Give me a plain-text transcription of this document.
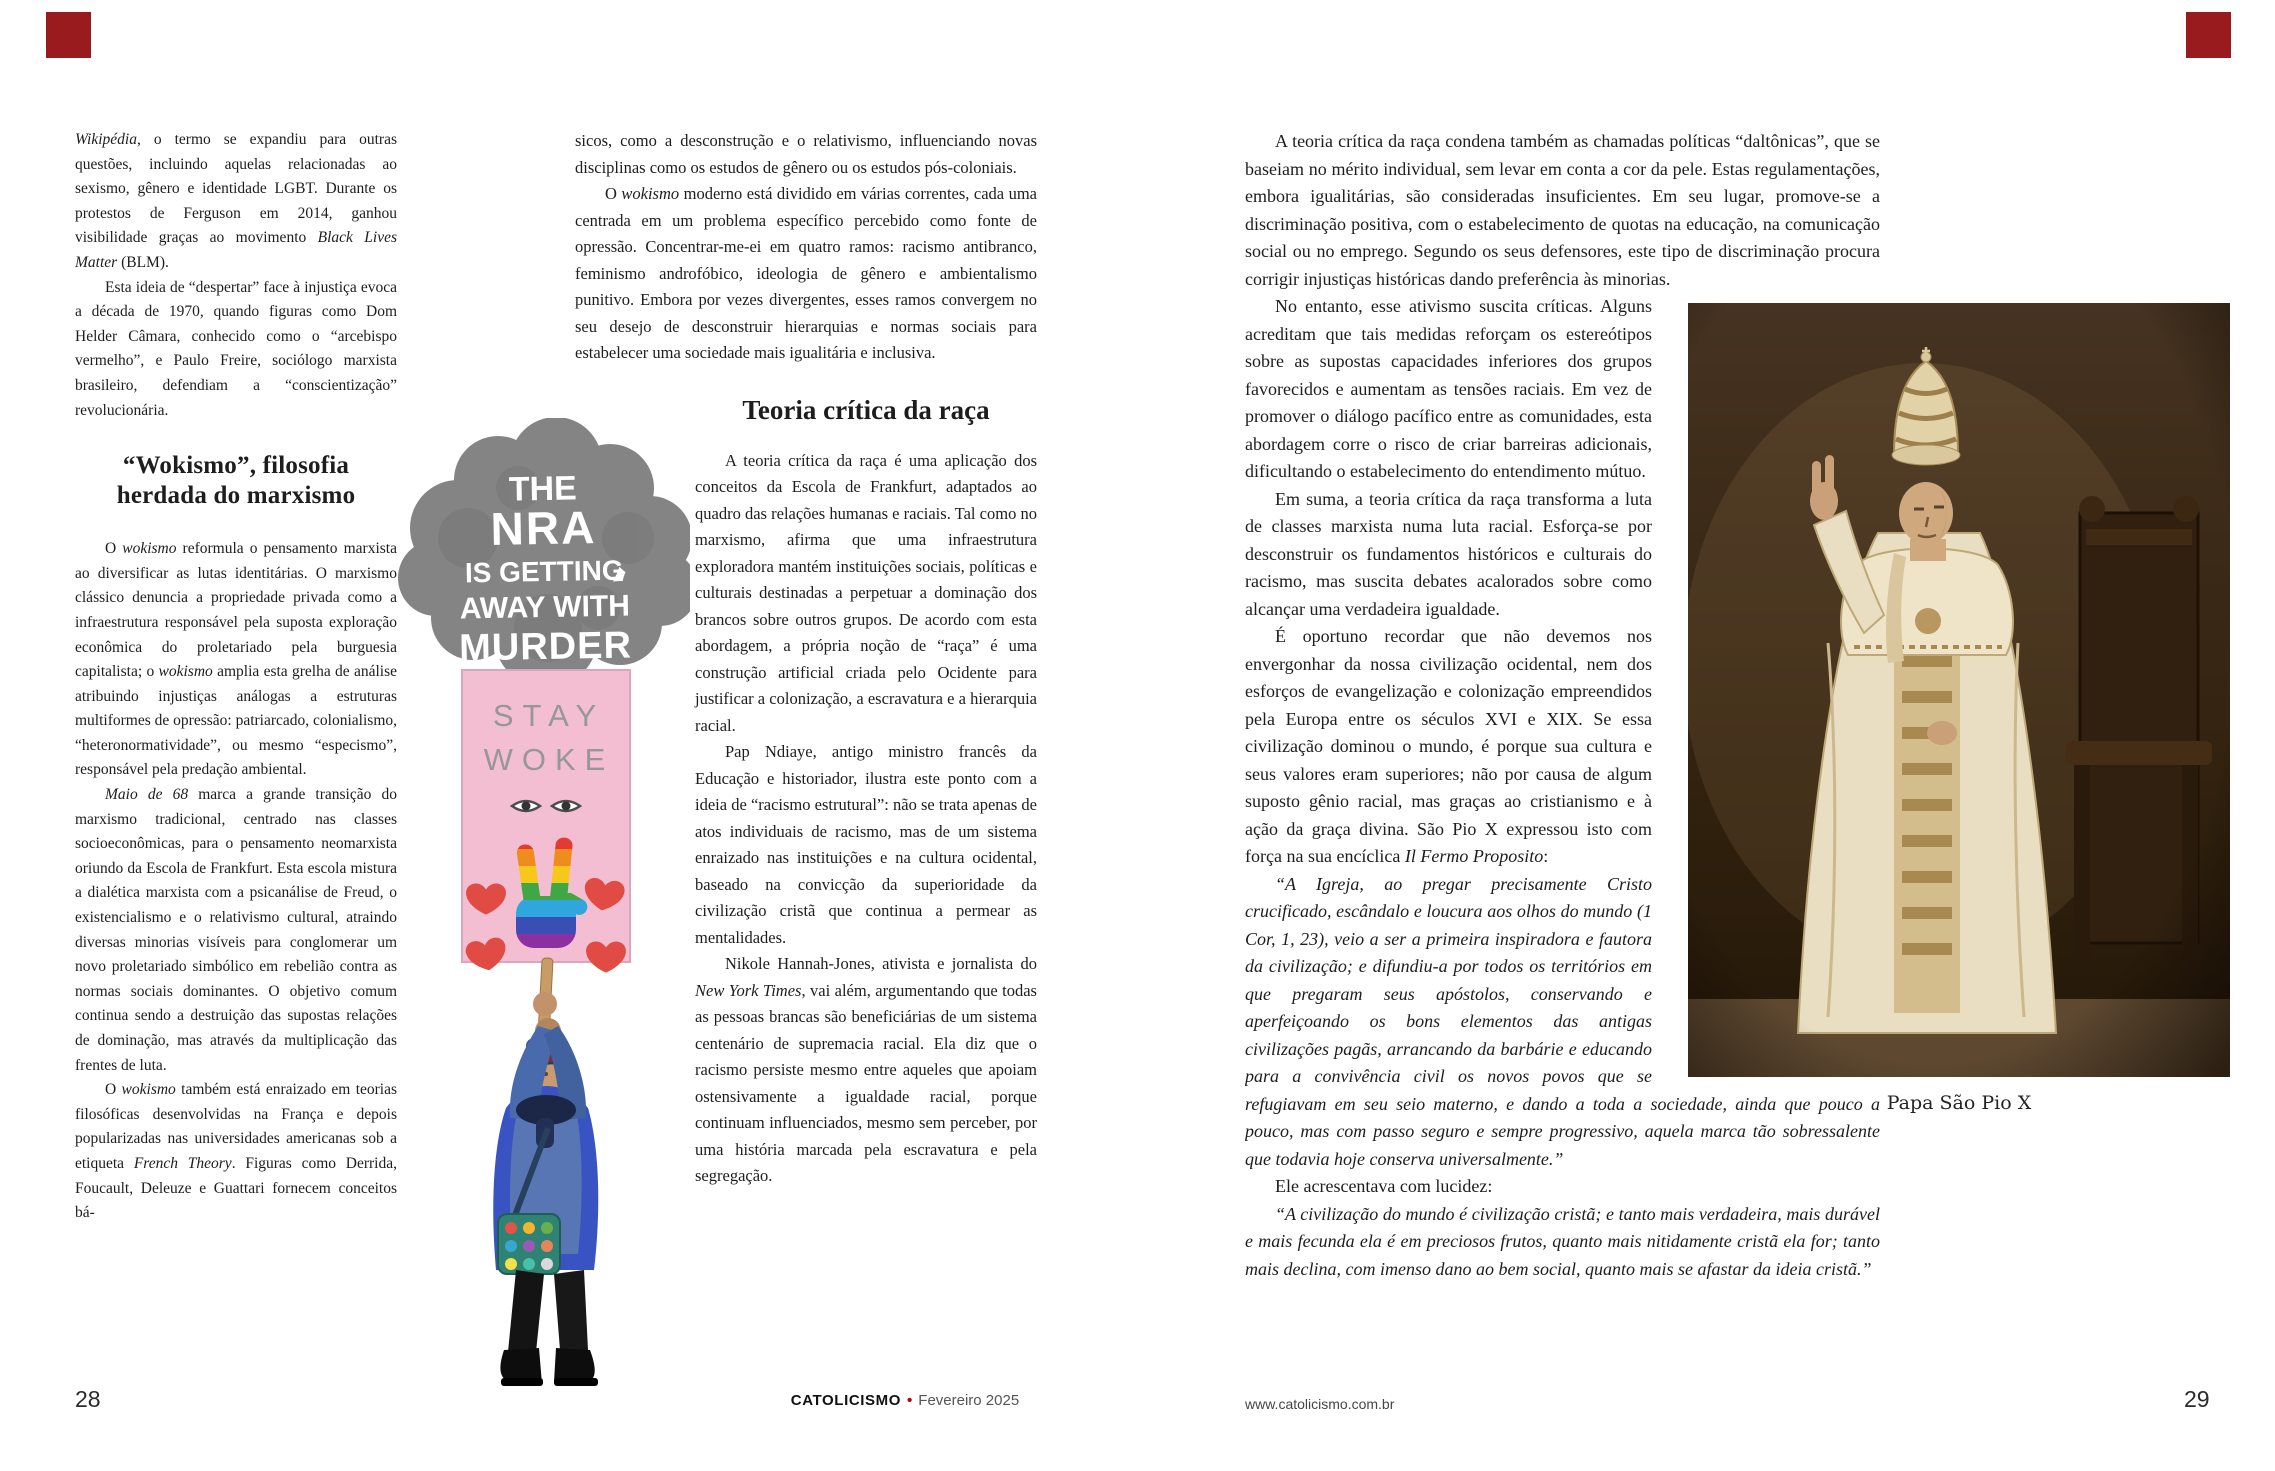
Wikipédia, o termo se expandiu para outras questões, incluindo aquelas relacionadas ao sexismo, gênero e identidade LGBT. Durante os protestos de Ferguson em 2014, ganhou visibilidade graças ao movimento Black Lives Matter (BLM).

Esta ideia de “despertar” face à injustiça evoca a década de 1970, quando figuras como Dom Helder Câmara, conhecido como o “arcebispo vermelho”, e Paulo Freire, sociólogo marxista brasileiro, defendiam a “conscientização” revolucionária.

“Wokismo”, filosofia herdada do marxismo

O wokismo reformula o pensamento marxista ao diversificar as lutas identitárias. O marxismo clássico denuncia a propriedade privada como a infraestrutura responsável pela suposta exploração econômica do proletariado pela burguesia capitalista; o wokismo amplia esta grelha de análise atribuindo injustiças análogas a estruturas multiformes de opressão: patriarcado, colonialismo, “heteronormatividade”, ou mesmo “especismo”, responsável pela predação ambiental.

Maio de 68 marca a grande transição do marxismo tradicional, centrado nas classes socioeconômicas, para o pensamento neomarxista oriundo da Escola de Frankfurt. Esta escola mistura a dialética marxista com a psicanálise de Freud, o existencialismo e o relativismo cultural, atraindo diversas minorias visíveis para conglomerar um novo proletariado simbólico em rebelião contra as normas sociais dominantes. O objetivo comum continua sendo a destruição das supostas relações de dominação, mas através da multiplicação das frentes de luta.

O wokismo também está enraizado em teorias filosóficas desenvolvidas na França e depois popularizadas nas universidades americanas sob a etiqueta French Theory. Figuras como Derrida, Foucault, Deleuze e Guattari fornecem conceitos bá-

sicos, como a desconstrução e o relativismo, influenciando novas disciplinas como os estudos de gênero ou os estudos pós-coloniais.

O wokismo moderno está dividido em várias correntes, cada uma centrada em um problema específico percebido como fonte de opressão. Concentrar-me-ei em quatro ramos: racismo antibranco, feminismo androfóbico, ideologia de gênero e ambientalismo punitivo. Embora por vezes divergentes, esses ramos convergem no seu desejo de desconstruir hierarquias e normas sociais para estabelecer uma sociedade mais igualitária e inclusiva.

Teoria crítica da raça

A teoria crítica da raça é uma aplicação dos conceitos da Escola de Frankfurt, adaptados ao quadro das relações humanas e raciais. Tal como no marxismo, afirma que uma infraestrutura exploradora mantém instituições sociais, políticas e culturais destinadas a perpetuar a dominação dos brancos sobre outros grupos. De acordo com esta abordagem, a própria noção de “raça” é uma construção artificial criada pelo Ocidente para justificar a colonização, a escravatura e a hierarquia racial.

Pap Ndiaye, antigo ministro francês da Educação e historiador, ilustra este ponto com a ideia de “racismo estrutural”: não se trata apenas de atos individuais de racismo, mas de um sistema enraizado nas instituições e na cultura ocidental, baseado na convicção da superioridade da civilização cristã que continua a permear as mentalidades.

Nikole Hannah-Jones, ativista e jornalista do New York Times, vai além, argumentando que todas as pessoas brancas são beneficiárias de um sistema centenário de supremacia racial. Ela diz que o racismo persiste mesmo entre aqueles que apoiam ostensivamente a igualdade racial, porque continuam influenciados, mesmo sem perceber, por uma história marcada pela escravatura e pela segregação.

THE
NRA
IS GETTING
AWAY WITH
MURDER
STAY
WOKE

A teoria crítica da raça condena também as chamadas políticas “daltônicas”, que se baseiam no mérito individual, sem levar em conta a cor da pele. Estas regulamentações, embora igualitárias, são consideradas insuficientes. Em seu lugar, promove-se a discriminação positiva, com o estabelecimento de quotas na educação, na comunicação social ou no emprego. Segundo os seus defensores, este tipo de discriminação procura corrigir injustiças históricas dando preferência às minorias.

No entanto, esse ativismo suscita críticas. Alguns acreditam que tais medidas reforçam os estereótipos sobre as supostas capacidades inferiores dos grupos favorecidos e aumentam as tensões raciais. Em vez de promover o diálogo pacífico entre as comunidades, esta abordagem corre o risco de criar barreiras adicionais, dificultando o estabelecimento do entendimento mútuo.

Em suma, a teoria crítica da raça transforma a luta de classes marxista numa luta racial. Esforça-se por desconstruir os fundamentos históricos e culturais do racismo, mas suscita debates acalorados sobre como alcançar uma verdadeira igualdade.

É oportuno recordar que não devemos nos envergonhar da nossa civilização ocidental, nem dos esforços de evangelização e colonização empreendidos pela Europa entre os séculos XVI e XIX. Se essa civilização dominou o mundo, é porque sua cultura e seus valores eram superiores; não por causa de algum suposto gênio racial, mas graças ao cristianismo e à ação da graça divina. São Pio X expressou isto com força na sua encíclica Il Fermo Proposito:

“A Igreja, ao pregar precisamente Cristo crucificado, escândalo e loucura aos olhos do mundo (1 Cor, 1, 23), veio a ser a primeira inspiradora e fautora da civilização; e difundiu-a por todos os territórios em que pregaram seus apóstolos, conservando e aperfeiçoando os bons elementos das antigas civilizações pagãs, arrancando da barbárie e educando para a convivência civil os novos povos que se refugiavam em seu seio materno, e dando a toda a sociedade, ainda que pouco a pouco, mas com passo seguro e sempre progressivo, aquela marca tão sobressalente que todavia hoje conserva universalmente.”

Ele acrescentava com lucidez:

“A civilização do mundo é civilização cristã; e tanto mais verdadeira, mais durável e mais fecunda ela é em preciosos frutos, quanto mais nitidamente cristã ela for; tanto mais declina, com imenso dano ao bem social, quanto mais se afastar da ideia cristã.”

Papa São Pio X
28	CATOLICISMO • Fevereiro 2025	www.catolicismo.com.br	29
